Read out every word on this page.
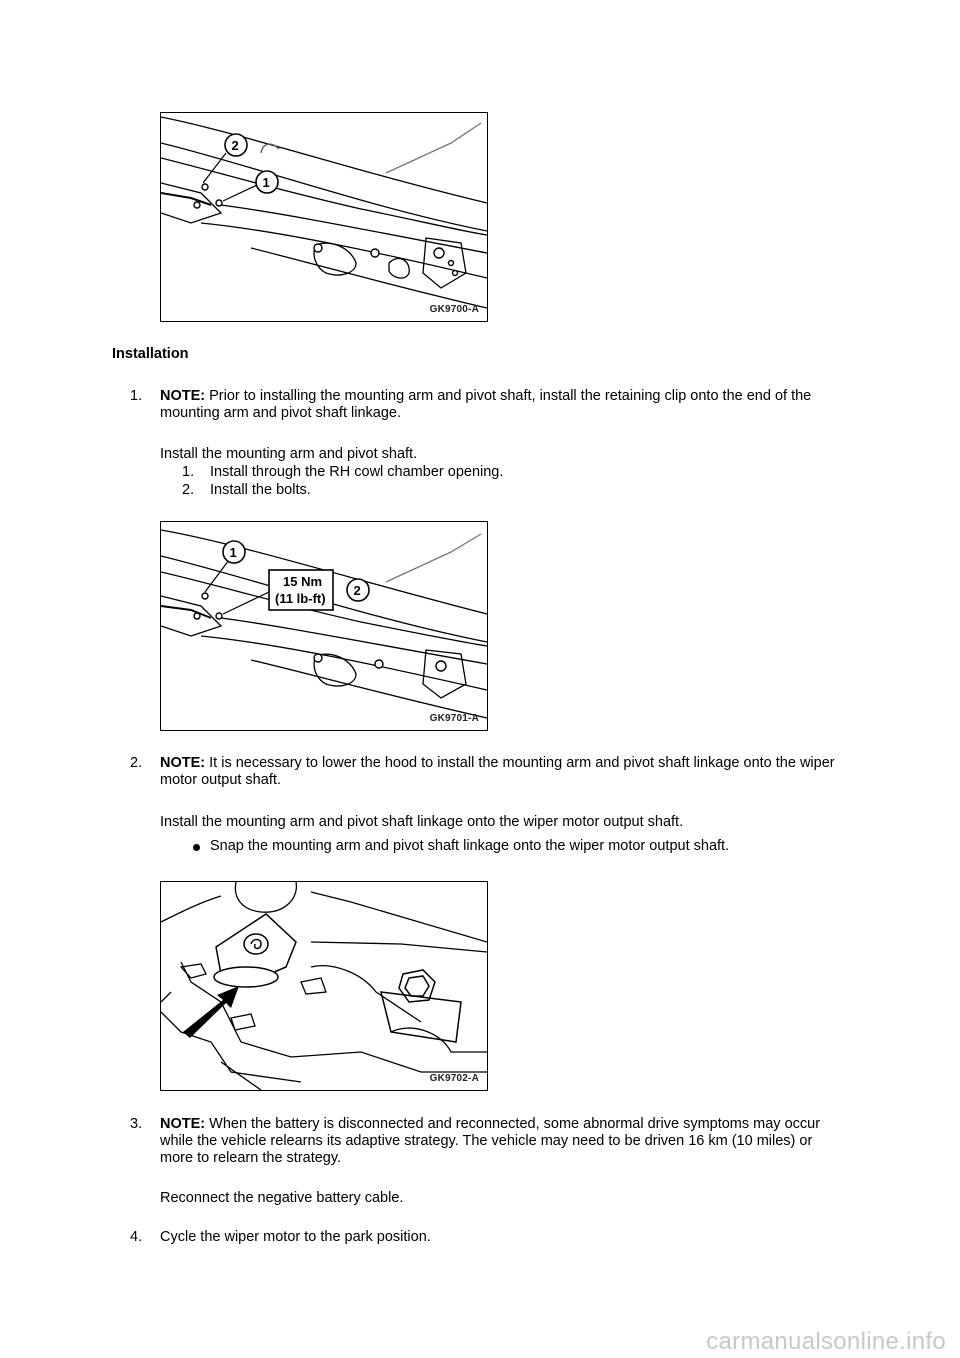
2
1
GK9700-A
Installation
1. NOTE: Prior to installing the mounting arm and pivot shaft, install the retaining clip onto the end of the mounting arm and pivot shaft linkage.
Install the mounting arm and pivot shaft.
1. Install through the RH cowl chamber opening.
2. Install the bolts.
1
15 Nm
(11 lb-ft)
2
GK9701-A
2. NOTE: It is necessary to lower the hood to install the mounting arm and pivot shaft linkage onto the wiper motor output shaft.
Install the mounting arm and pivot shaft linkage onto the wiper motor output shaft.
Snap the mounting arm and pivot shaft linkage onto the wiper motor output shaft.
GK9702-A
3. NOTE: When the battery is disconnected and reconnected, some abnormal drive symptoms may occur while the vehicle relearns its adaptive strategy. The vehicle may need to be driven 16 km (10 miles) or more to relearn the strategy.
Reconnect the negative battery cable.
4. Cycle the wiper motor to the park position.
carmanualsonline.info
